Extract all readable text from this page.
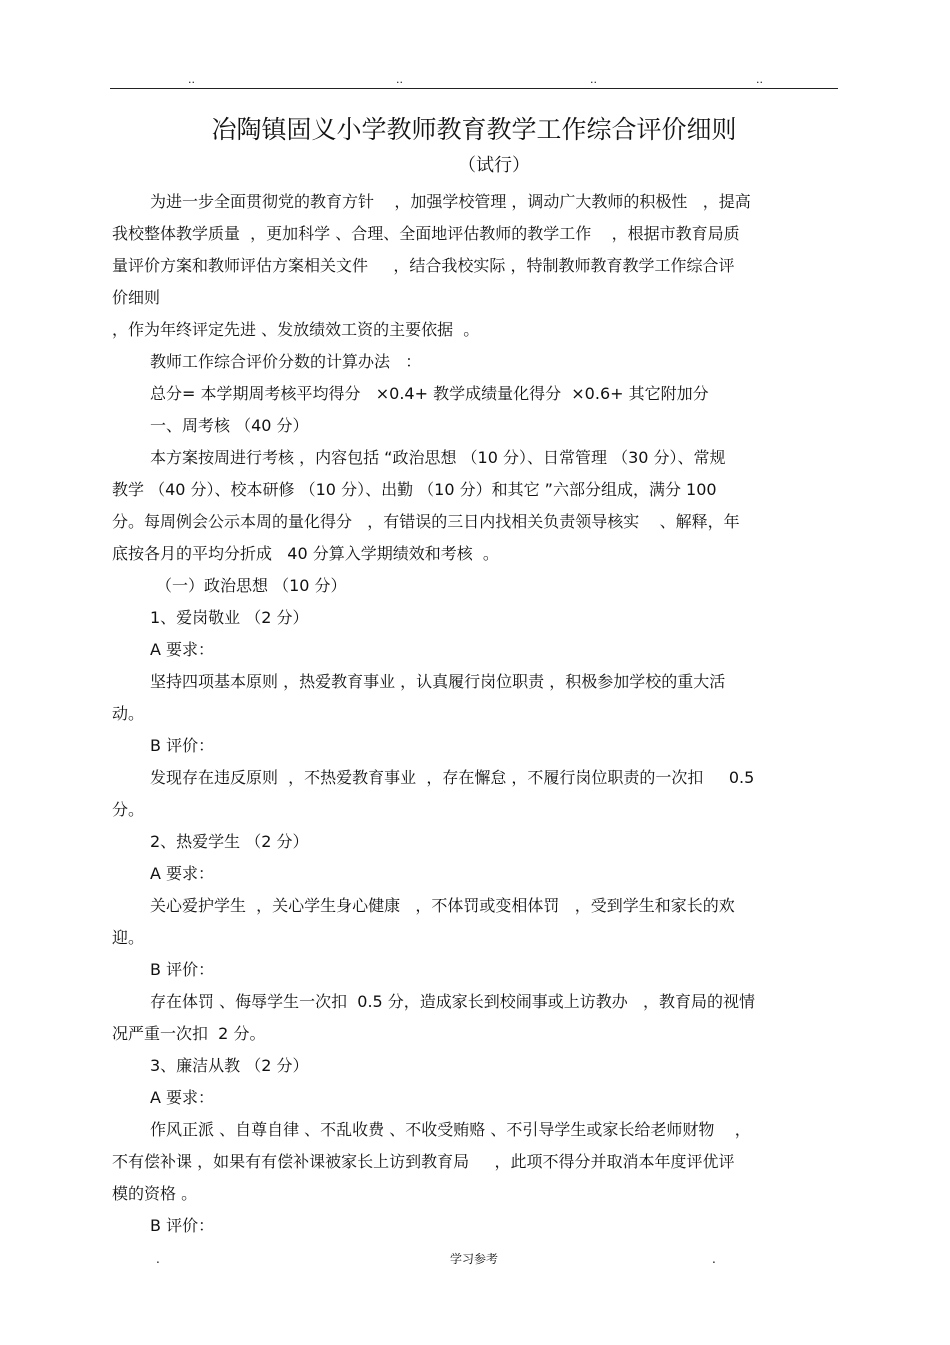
..	..	..	..
冶陶镇固义小学教师教育教学工作综合评价细则
（试行）
为进一步全面贯彻党的教育方针    ，加强学校管理 ，调动广大教师的积极性   ，提高
我校整体教学质量  ，更加科学 、合理、全面地评估教师的教学工作    ，根据市教育局质
量评价方案和教师评估方案相关文件     ，结合我校实际 ，特制教师教育教学工作综合评
价细则
，作为年终评定先进 、发放绩效工资的主要依据  。
教师工作综合评价分数的计算办法   ：
总分= 本学期周考核平均得分   ×0.4+ 教学成绩量化得分  ×0.6+ 其它附加分
一、周考核 （40 分）
本方案按周进行考核 ，内容包括 “政治思想 （10 分）、日常管理 （30 分）、常规
教学 （40 分）、校本研修 （10 分）、出勤 （10 分）和其它 ”六部分组成，满分 100
分。每周例会公示本周的量化得分   ，有错误的三日内找相关负责领导核实    、解释，年
底按各月的平均分折成   40 分算入学期绩效和考核  。
（一）政治思想 （10 分）
1、爱岗敬业 （2 分）
A 要求：
坚持四项基本原则 ，热爱教育事业 ，认真履行岗位职责 ，积极参加学校的重大活
动。
B 评价：
发现存在违反原则  ，不热爱教育事业  ，存在懈怠 ，不履行岗位职责的一次扣     0.5
分。
2、热爱学生 （2 分）
A 要求：
关心爱护学生  ，关心学生身心健康   ，不体罚或变相体罚   ，受到学生和家长的欢
迎。
B 评价：
存在体罚 、侮辱学生一次扣  0.5 分，造成家长到校闹事或上访教办   ，教育局的视情
况严重一次扣  2 分。
3、廉洁从教 （2 分）
A 要求：
作风正派 、自尊自律 、不乱收费 、不收受贿赂 、不引导学生或家长给老师财物    ，
不有偿补课 ，如果有有偿补课被家长上访到教育局     ，此项不得分并取消本年度评优评
模的资格 。
B 评价：
.	学习参考	.
